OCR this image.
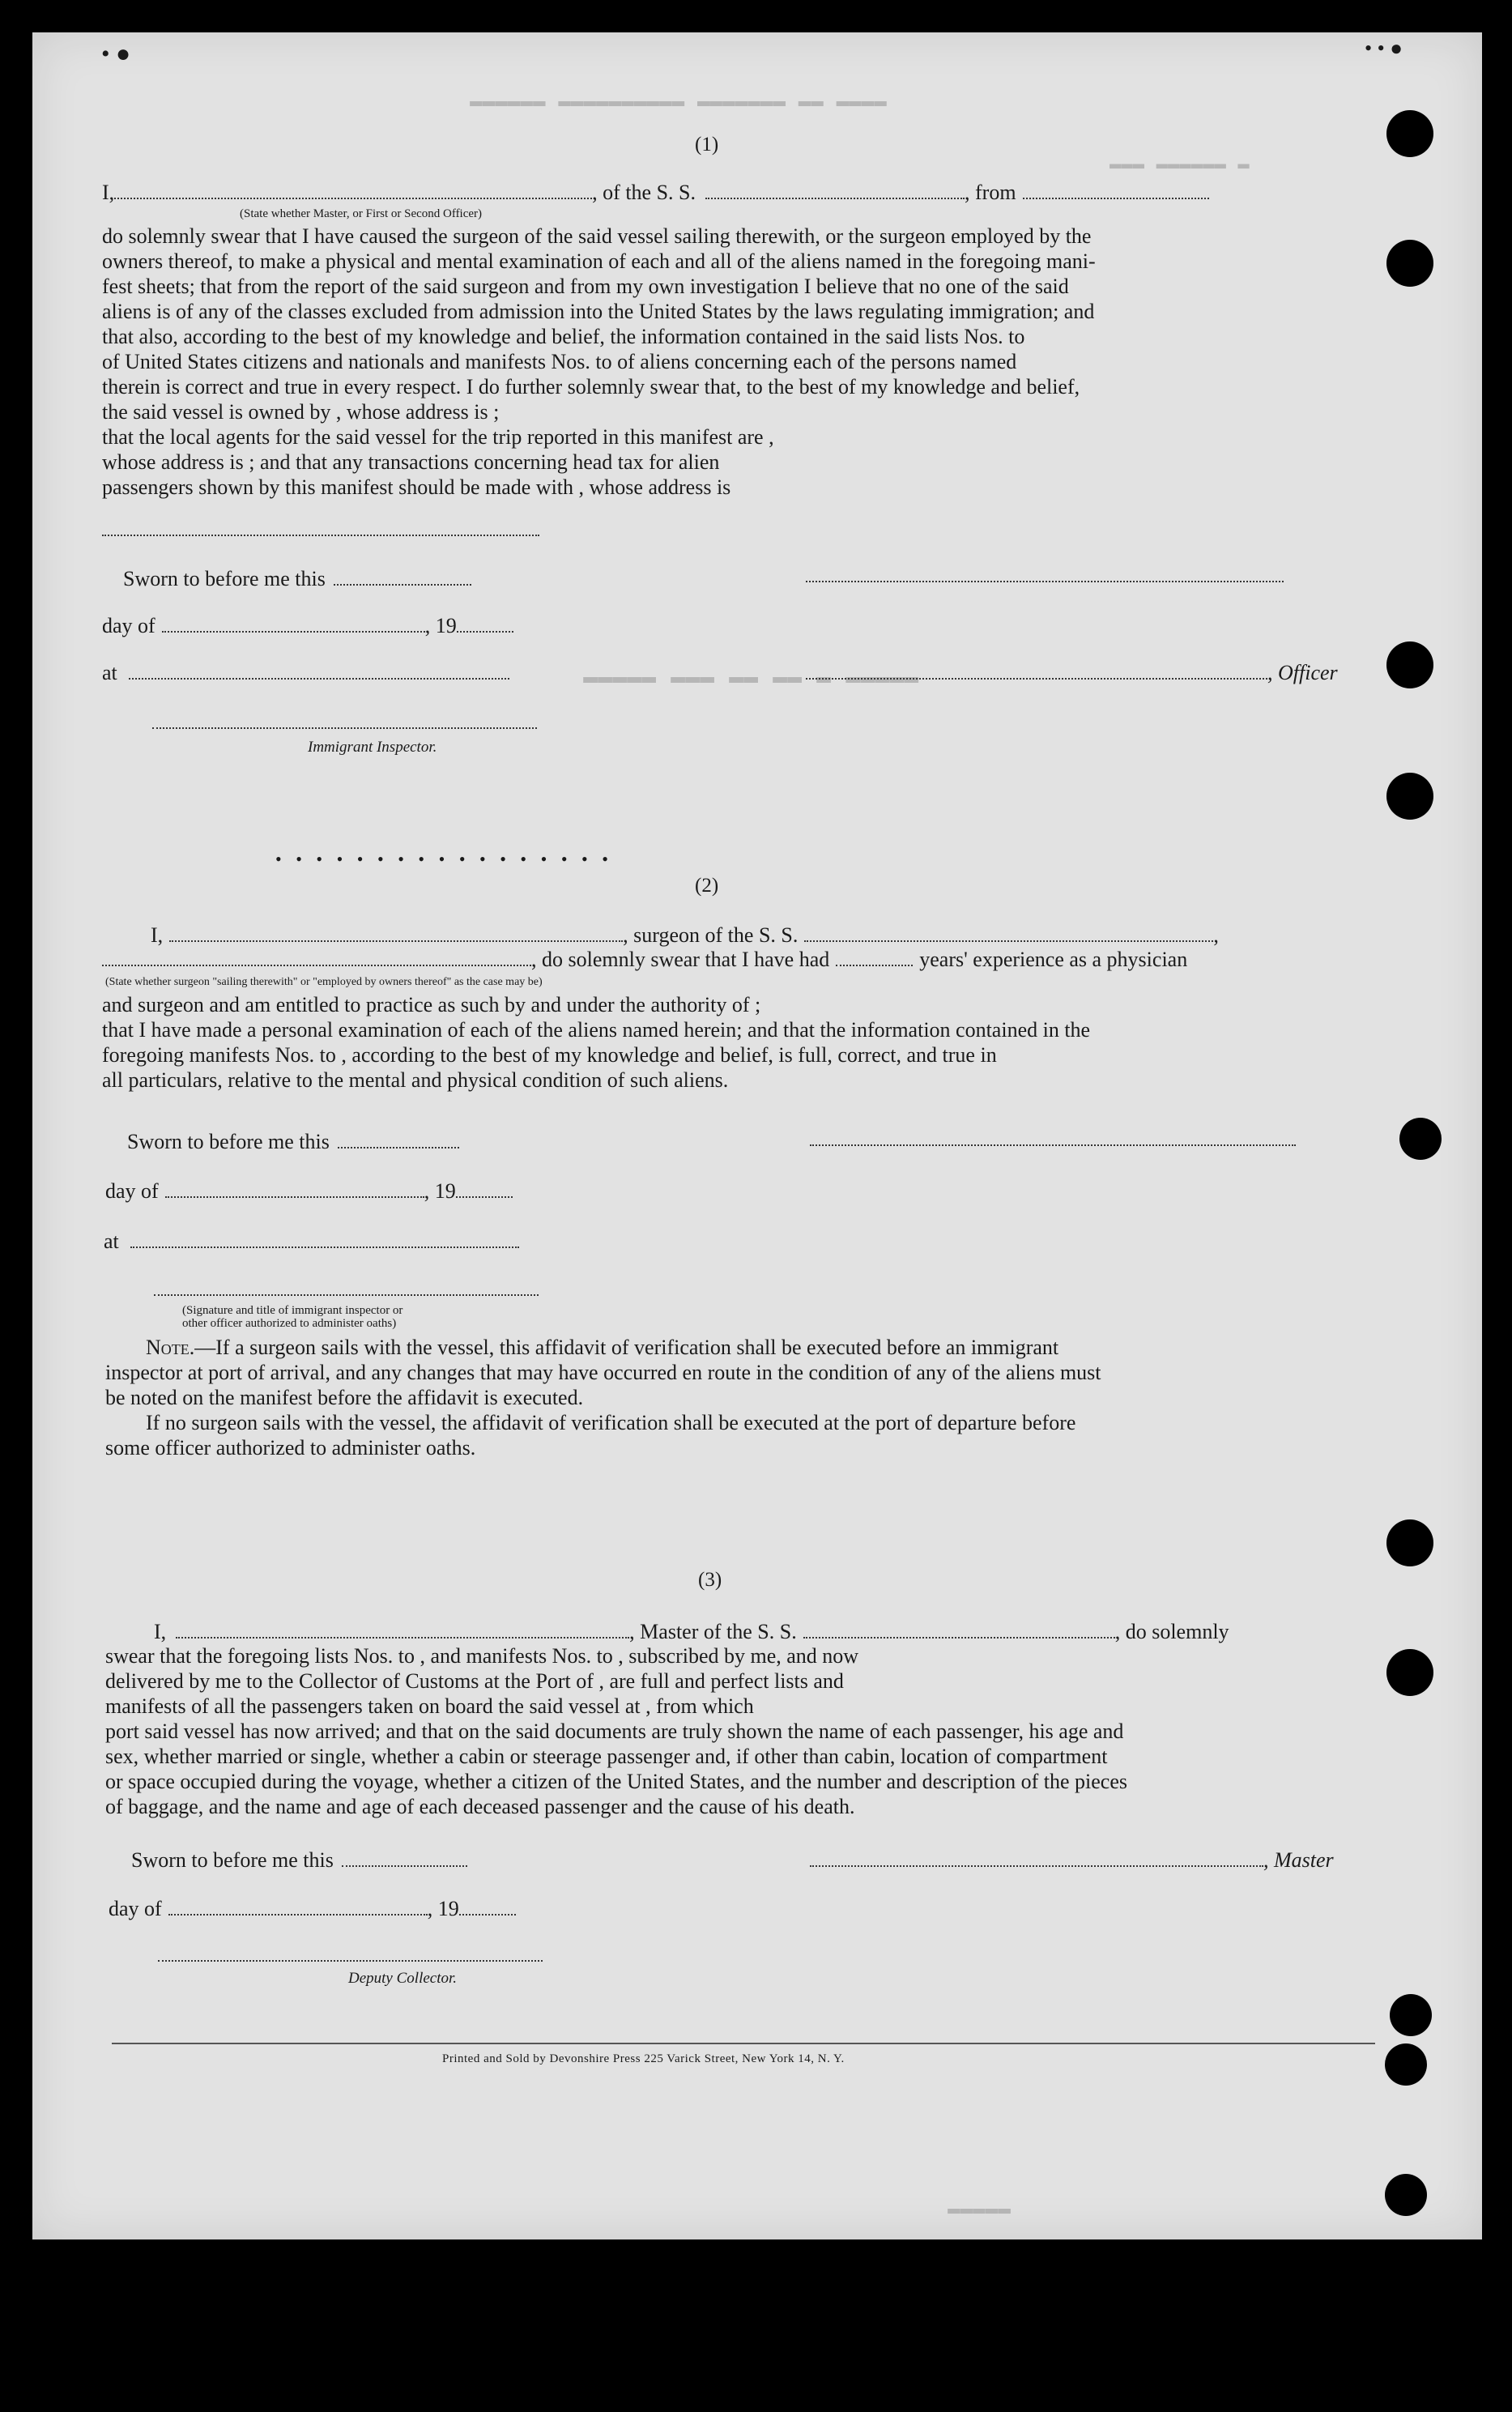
▬▬▬▬ ▬▬ ▬▬▬▬▬▬▬ ▬▬▬▬▬▬▬▬▬▬ ▬▬▬▬▬▬
▬▬▬ ▬▬▬▬▬▬ ▬
▬▬▬▬▬ ▬ ▬▬ ▬▬ ▬▬▬ ▬▬▬▬▬
• ●	• • ●
(1)
I,	, of the S. S.	, from
(State whether Master, or First or Second Officer)
do solemnly swear that I have caused the surgeon of the said vessel sailing therewith, or the surgeon employed by the
owners thereof, to make a physical and mental examination of each and all of the aliens named in the foregoing mani-
fest sheets; that from the report of the said surgeon and from my own investigation I believe that no one of the said
aliens is of any of the classes excluded from admission into the United States by the laws regulating immigration; and
that also, according to the best of my knowledge and belief, the information contained in the said lists Nos. to
of United States citizens and nationals and manifests Nos. to of aliens concerning each of the persons named
therein is correct and true in every respect. I do further solemnly swear that, to the best of my knowledge and belief,
the said vessel is owned by , whose address is ;
that the local agents for the said vessel for the trip reported in this manifest are ,
whose address is ; and that any transactions concerning head tax for alien
passengers shown by this manifest should be made with , whose address is
Sworn to before me this
day of	, 19
at	, Officer
Immigrant Inspector.
• • • • • • • • • • • • • • • • •
(2)
I,	, surgeon of the S. S.	,
, do solemnly swear that I have had	years' experience as a physician
(State whether surgeon "sailing therewith" or "employed by owners thereof" as the case may be)
and surgeon and am entitled to practice as such by and under the authority of ;
that I have made a personal examination of each of the aliens named herein; and that the information contained in the
foregoing manifests Nos. to , according to the best of my knowledge and belief, is full, correct, and true in
all particulars, relative to the mental and physical condition of such aliens.
Sworn to before me this
day of	, 19
at
(Signature and title of immigrant inspector or
other officer authorized to administer oaths)
Note.—If a surgeon sails with the vessel, this affidavit of verification shall be executed before an immigrant
inspector at port of arrival, and any changes that may have occurred en route in the condition of any of the aliens must
be noted on the manifest before the affidavit is executed.
If no surgeon sails with the vessel, the affidavit of verification shall be executed at the port of departure before
some officer authorized to administer oaths.
(3)
I,	, Master of the S. S.	, do solemnly
swear that the foregoing lists Nos. to , and manifests Nos. to , subscribed by me, and now
delivered by me to the Collector of Customs at the Port of , are full and perfect lists and
manifests of all the passengers taken on board the said vessel at , from which
port said vessel has now arrived; and that on the said documents are truly shown the name of each passenger, his age and
sex, whether married or single, whether a cabin or steerage passenger and, if other than cabin, location of compartment
or space occupied during the voyage, whether a citizen of the United States, and the number and description of the pieces
of baggage, and the name and age of each deceased passenger and the cause of his death.
Sworn to before me this	, Master
day of	, 19
Deputy Collector.
Printed and Sold by Devonshire Press 225 Varick Street, New York 14, N. Y.
▬▬▬▬▬
